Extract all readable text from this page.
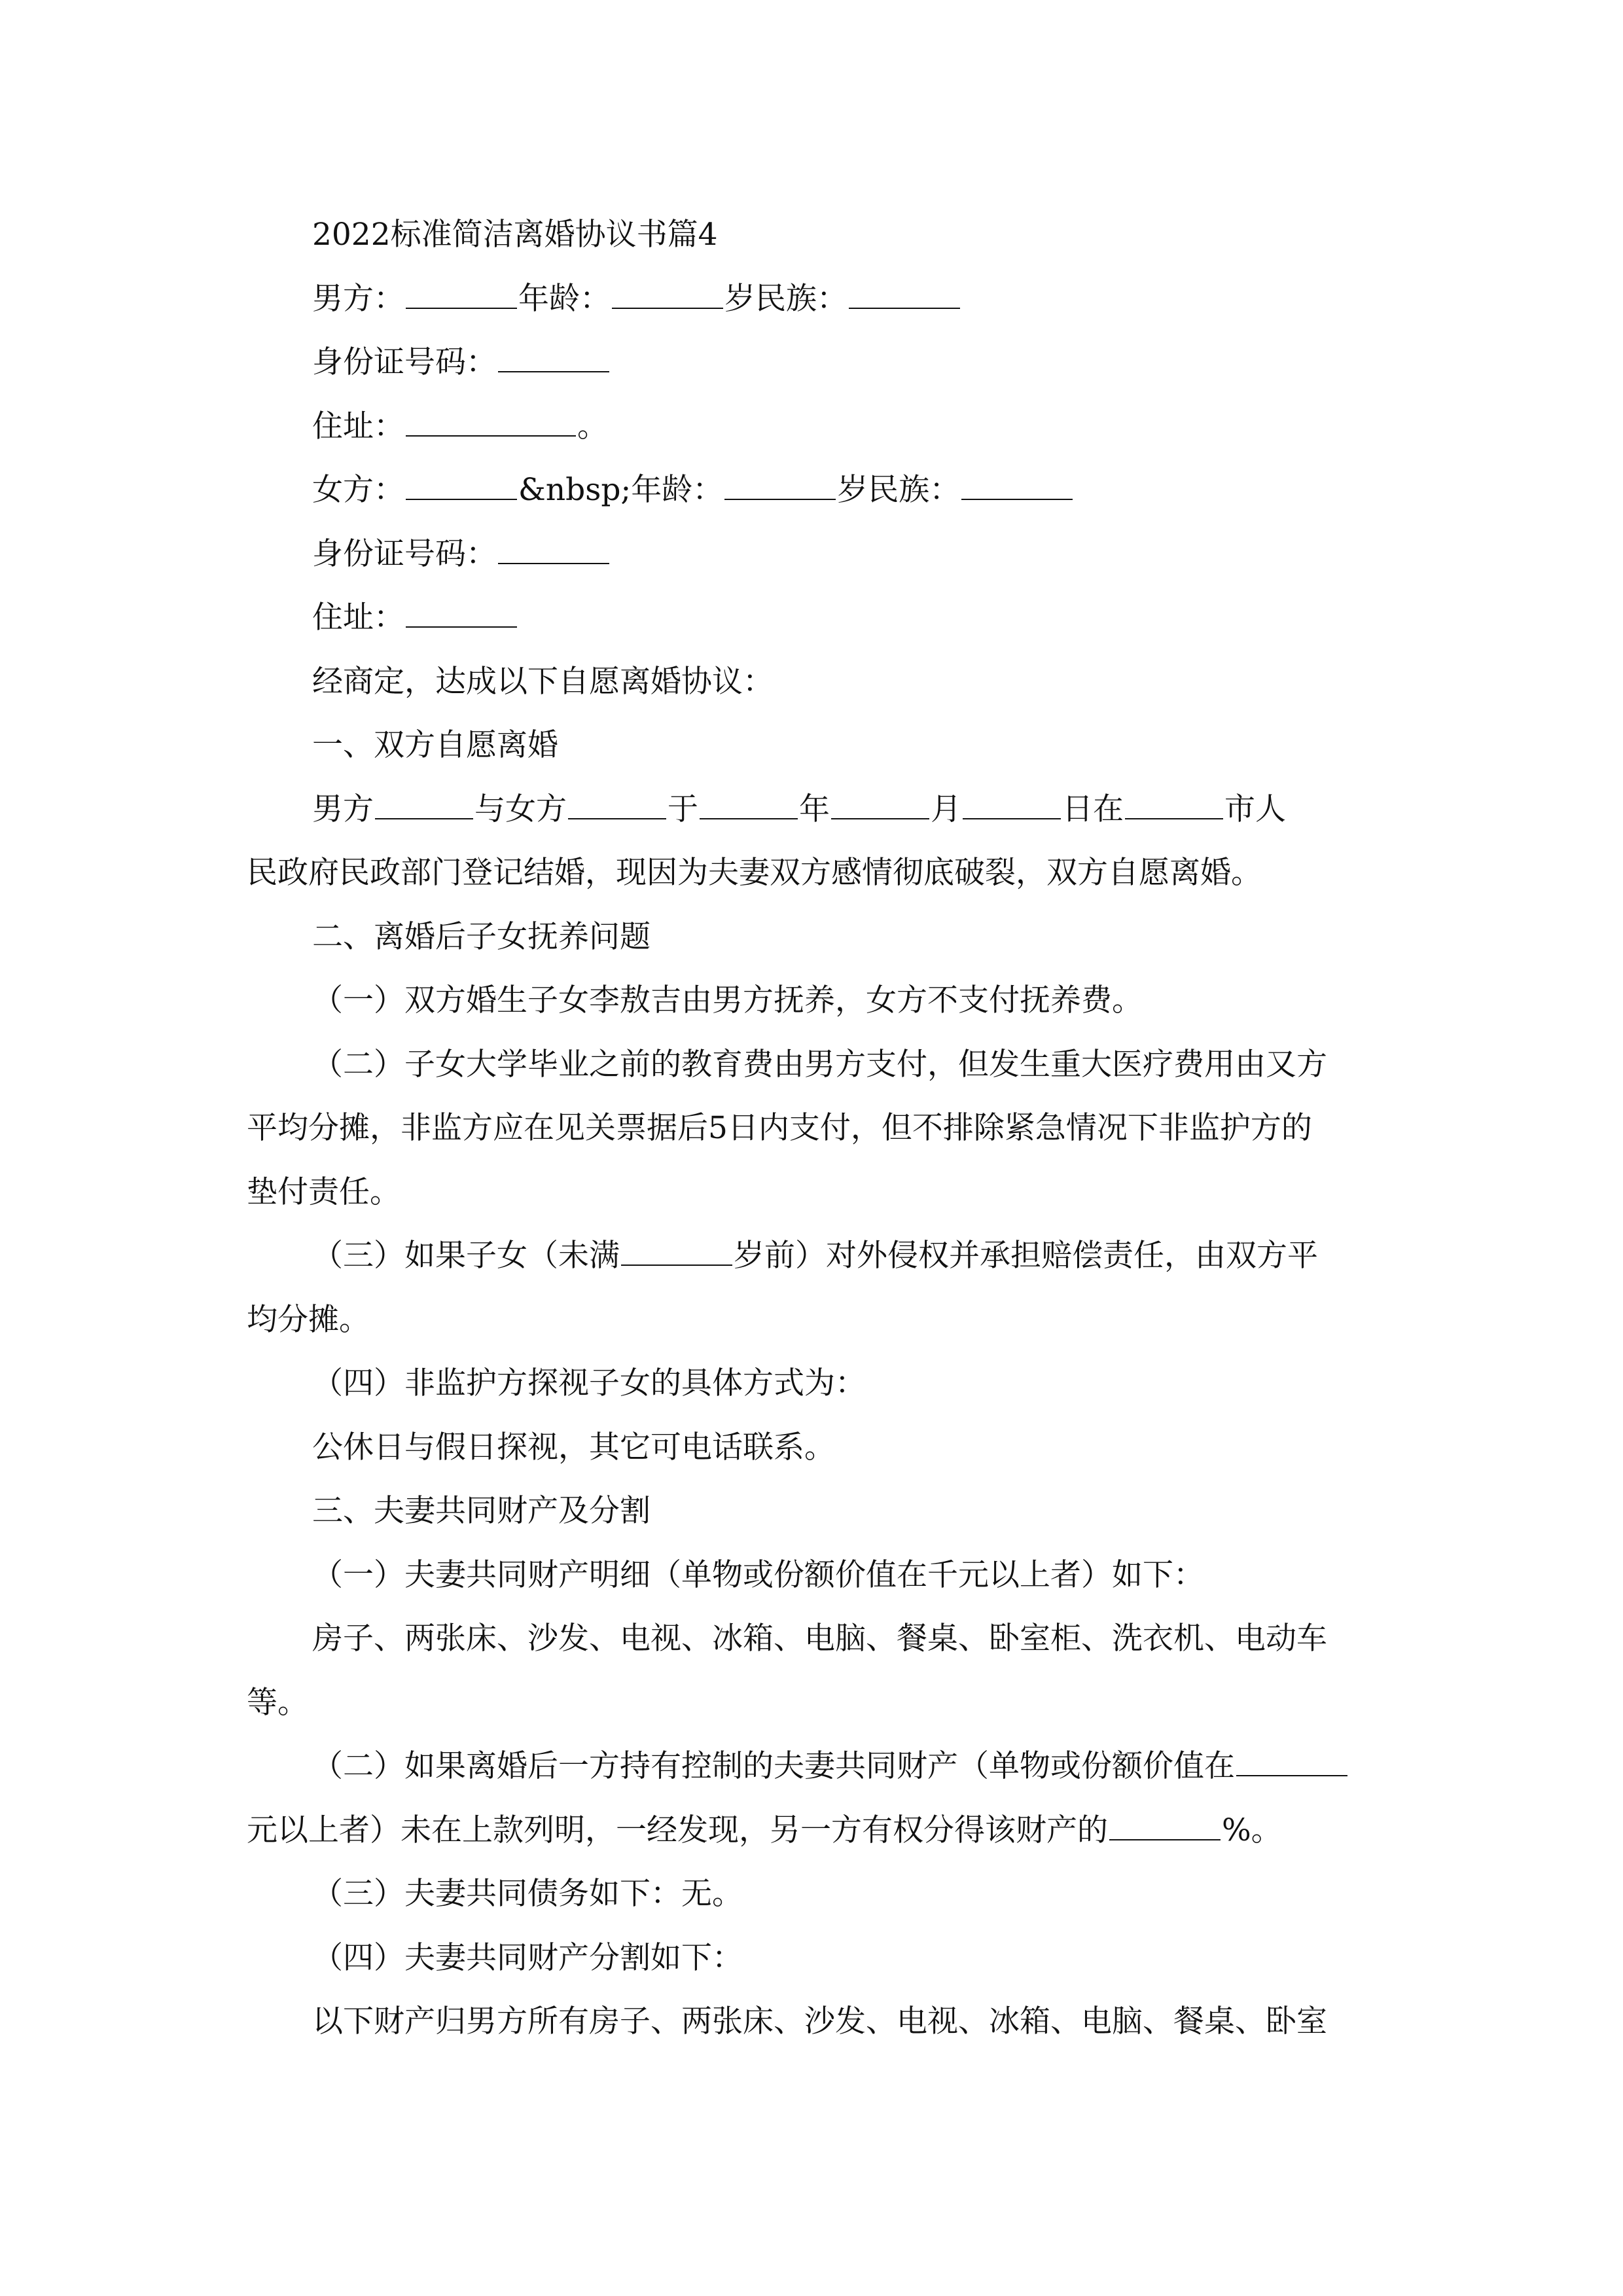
2022标准简洁离婚协议书篇4
男方：	年龄：	岁民族：
身份证号码：
住址：	。
女方：	&nbsp;年龄：	岁民族：
身份证号码：
住址：
经商定，达成以下自愿离婚协议：
一、双方自愿离婚
男方	与女方	于	年	月	日在	市人
民政府民政部门登记结婚，现因为夫妻双方感情彻底破裂，双方自愿离婚。
二、离婚后子女抚养问题
（一）双方婚生子女李敖吉由男方抚养，女方不支付抚养费。
（二）子女大学毕业之前的教育费由男方支付，但发生重大医疗费用由又方
平均分摊，非监方应在见关票据后5日内支付，但不排除紧急情况下非监护方的
垫付责任。
（三）如果子女（未满	岁前）对外侵权并承担赔偿责任，由双方平
均分摊。
（四）非监护方探视子女的具体方式为：
公休日与假日探视，其它可电话联系。
三、夫妻共同财产及分割
（一）夫妻共同财产明细（单物或份额价值在千元以上者）如下：
房子、两张床、沙发、电视、冰箱、电脑、餐桌、卧室柜、洗衣机、电动车
等。
（二）如果离婚后一方持有控制的夫妻共同财产（单物或份额价值在
元以上者）未在上款列明，一经发现，另一方有权分得该财产的	%。
（三）夫妻共同债务如下：无。
（四）夫妻共同财产分割如下：
以下财产归男方所有房子、两张床、沙发、电视、冰箱、电脑、餐桌、卧室
